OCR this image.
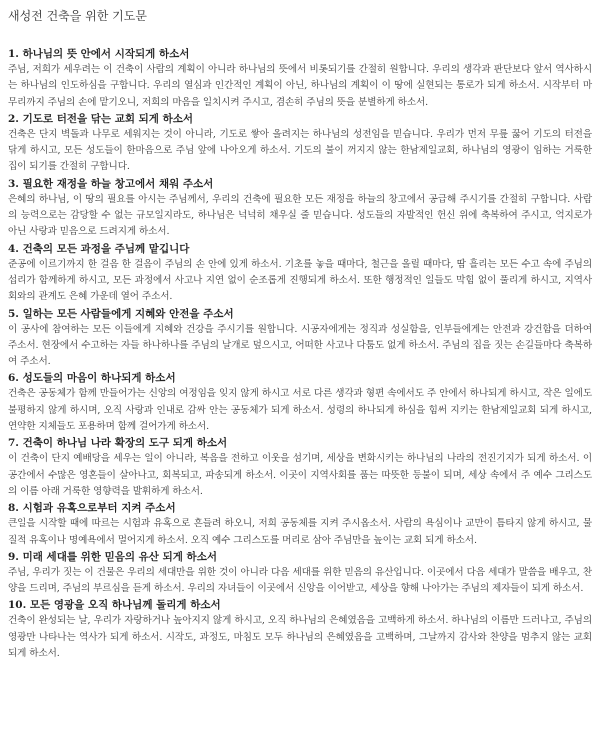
새성전 건축을 위한 기도문
1. 하나님의 뜻 안에서 시작되게 하소서
주님, 저희가 세우려는 이 건축이 사람의 계획이 아니라 하나님의 뜻에서 비롯되기를 간절히 원합니다. 우리의 생각과 판단보다 앞서 역사하시는 하나님의 인도하심을 구합니다. 우리의 열심과 인간적인 계획이 아닌, 하나님의 계획이 이 땅에 실현되는 통로가 되게 하소서. 시작부터 마무리까지 주님의 손에 맡기오니, 저희의 마음을 일치시켜 주시고, 겸손히 주님의 뜻을 분별하게 하소서.
2. 기도로 터전을 닦는 교회 되게 하소서
건축은 단지 벽돌과 나무로 세워지는 것이 아니라, 기도로 쌓아 올려지는 하나님의 성전임을 믿습니다. 우리가 먼저 무릎 꿇어 기도의 터전을 닦게 하시고, 모든 성도들이 한마음으로 주님 앞에 나아오게 하소서. 기도의 불이 꺼지지 않는 한남제일교회, 하나님의 영광이 임하는 거룩한 집이 되기를 간절히 구합니다.
3. 필요한 재정을 하늘 창고에서 채워 주소서
은혜의 하나님, 이 땅의 필요를 아시는 주님께서, 우리의 건축에 필요한 모든 재정을 하늘의 창고에서 공급해 주시기를 간절히 구합니다. 사람의 능력으로는 감당할 수 없는 규모일지라도, 하나님은 넉넉히 채우실 줄 믿습니다. 성도들의 자발적인 헌신 위에 축복하여 주시고, 억지로가 아닌 사랑과 믿음으로 드려지게 하소서.
4. 건축의 모든 과정을 주님께 맡깁니다
준공에 이르기까지 한 걸음 한 걸음이 주님의 손 안에 있게 하소서. 기초를 놓을 때마다, 철근을 올릴 때마다, 땀 흘리는 모든 수고 속에 주님의 섭리가 함께하게 하시고, 모든 과정에서 사고나 지연 없이 순조롭게 진행되게 하소서. 또한 행정적인 일들도 막힘 없이 풀리게 하시고, 지역사회와의 관계도 은혜 가운데 열어 주소서.
5. 일하는 모든 사람들에게 지혜와 안전을 주소서
이 공사에 참여하는 모든 이들에게 지혜와 건강을 주시기를 원합니다. 시공자에게는 정직과 성실함을, 인부들에게는 안전과 강건함을 더하여 주소서. 현장에서 수고하는 자들 하나하나를 주님의 날개로 덮으시고, 어떠한 사고나 다툼도 없게 하소서. 주님의 집을 짓는 손길들마다 축복하여 주소서.
6. 성도들의 마음이 하나되게 하소서
건축은 공동체가 함께 만들어가는 신앙의 여정임을 잊지 않게 하시고 서로 다른 생각과 형편 속에서도 주 안에서 하나되게 하시고, 작은 일에도 불평하지 않게 하시며, 오직 사랑과 인내로 감싸 안는 공동체가 되게 하소서. 성령의 하나되게 하심을 힘써 지키는 한남제일교회 되게 하시고, 연약한 지체들도 포용하며 함께 걸어가게 하소서.
7. 건축이 하나님 나라 확장의 도구 되게 하소서
이 건축이 단지 예배당을 세우는 일이 아니라, 복음을 전하고 이웃을 섬기며, 세상을 변화시키는 하나님의 나라의 전진기지가 되게 하소서. 이 공간에서 수많은 영혼들이 살아나고, 회복되고, 파송되게 하소서. 이곳이 지역사회를 품는 따뜻한 등불이 되며, 세상 속에서 주 예수 그리스도의 이름 아래 거룩한 영향력을 발휘하게 하소서.
8. 시험과 유혹으로부터 지켜 주소서
큰일을 시작할 때에 따르는 시험과 유혹으로 흔들려 하오니, 저희 공동체를 지켜 주시옵소서. 사람의 욕심이나 교만이 틈타지 않게 하시고, 물질적 유혹이나 명예욕에서 멀어지게 하소서. 오직 예수 그리스도를 머리로 삼아 주님만을 높이는 교회 되게 하소서.
9. 미래 세대를 위한 믿음의 유산 되게 하소서
주님, 우리가 짓는 이 건물은 우리의 세대만을 위한 것이 아니라 다음 세대를 위한 믿음의 유산입니다. 이곳에서 다음 세대가 말씀을 배우고, 찬양을 드리며, 주님의 부르심을 듣게 하소서. 우리의 자녀들이 이곳에서 신앙을 이어받고, 세상을 향해 나아가는 주님의 제자들이 되게 하소서.
10. 모든 영광을 오직 하나님께 돌리게 하소서
건축이 완성되는 날, 우리가 자랑하거나 높아지지 않게 하시고, 오직 하나님의 은혜였음을 고백하게 하소서. 하나님의 이름만 드러나고, 주님의 영광만 나타나는 역사가 되게 하소서. 시작도, 과정도, 마침도 모두 하나님의 은혜였음을 고백하며, 그날까지 감사와 찬양을 멈추지 않는 교회 되게 하소서.
